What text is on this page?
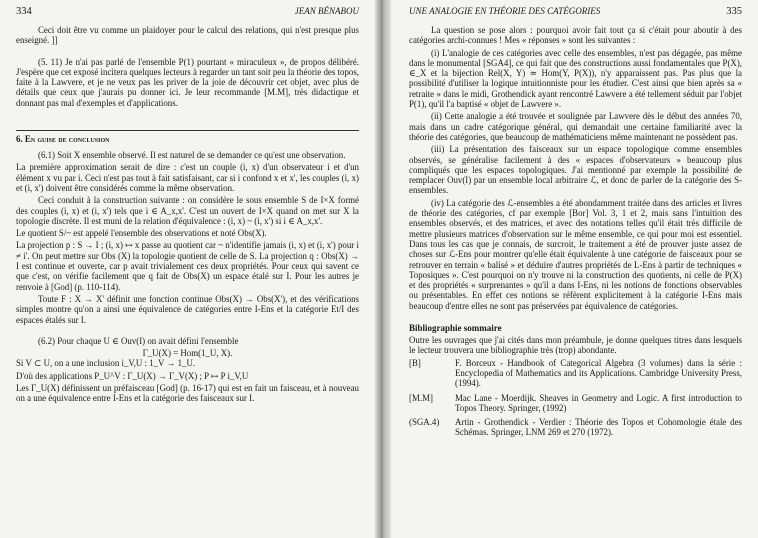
334	JEAN BÉNABOU

Ceci doit être vu comme un plaidoyer pour le calcul des relations, qui n'est presque plus enseigné. ]]

(5. 11) Je n'ai pas parlé de l'ensemble P(1) pourtant « miraculeux », de propos délibéré. J'espère que cet exposé incitera quelques lecteurs à regarder un tant soit peu la théorie des topos, faite à la Lawvere, et je ne veux pas les priver de la joie de découvrir cet objet, avec plus de détails que ceux que j'aurais pu donner ici. Je leur recommande [M.M], très didactique et donnant pas mal d'exemples et d'applications.

6. En guise de conclusion

(6.1) Soit X ensemble observé. Il est naturel de se demander ce qu'est une observation.

La première approximation serait de dire : c'est un couple (i, x) d'un observateur i et d'un élément x vu par i. Ceci n'est pas tout à fait satisfaisant, car si i confond x et x', les couples (i, x) et (i, x') doivent être considérés comme la même observation.

Ceci conduit à la construction suivante : on considère le sous ensemble S de I×X formé des couples (i, x) et (i, x') tels que i ∈ A_x,x'. C'est un ouvert de I×X quand on met sur X la topologie discrète. Il est muni de la relation d'équivalence : (i, x) ~ (i, x') si i ∈ A_x,x'.

Le quotient S/~ est appelé l'ensemble des observations et noté Obs(X).

La projection p : S → I ; (i, x) ↦ x passe au quotient car ~ n'identifie jamais (i, x) et (i, x') pour i ≠ i'. On peut mettre sur Obs (X) la topologie quotient de celle de S. La projection q : Obs(X) → I est continue et ouverte, car p avait trivialement ces deux propriétés. Pour ceux qui savent ce que c'est, on vérifie facilement que q fait de Obs(X) un espace étalé sur I. Pour les autres je renvoie à [God] (p. 110-114).

Toute F : X → X' définit une fonction continue Obs(X) → Obs(X'), et des vérifications simples montre qu'on a ainsi une équivalence de catégories entre I-Ens et la catégorie Et/I des espaces étalés sur I.

(6.2) Pour chaque U ∈ Ouv(I) on avait défini l'ensemble

Γ_U(X) = Hom(1_U, X).

Si V ⊂ U, on a une inclusion i_V,U : 1_V → 1_U.

D'où des applications P_U^V : Γ_U(X) → Γ_V(X) ; P ↦ P i_V,U

Les Γ_U(X) définissent un préfaisceau [God] (p. 16-17) qui est en fait un faisceau, et à nouveau on a une équivalence entre I-Ens et la catégorie des faisceaux sur I.

UNE ANALOGIE EN THÉORIE DES CATÉGORIES	335

La question se pose alors : pourquoi avoir fait tout ça si c'était pour aboutir à des catégories archi-connues ! Mes « réponses » sont les suivantes :

(i) L'analogie de ces catégories avec celle des ensembles, n'est pas dégagée, pas même dans le monumental [SGA4], ce qui fait que des constructions aussi fondamentales que P(X), ∈_X et la bijection Rel(X, Y) ≃ Hom(Y, P(X)), n'y apparaissent pas. Pas plus que la possibilité d'utiliser la logique intuitionniste pour les étudier. C'est ainsi que bien après sa « retraite » dans le midi, Grothendick ayant rencontré Lawvere a été tellement séduit par l'objet P(1), qu'il l'a baptisé « objet de Lawvere ».

(ii) Cette analogie a été trouvée et soulignée par Lawvere dès le début des années 70, mais dans un cadre catégorique général, qui demandait une certaine familiarité avec la théorie des catégories, que beaucoup de mathématiciens même maintenant ne possèdent pas.

(iii) La présentation des faisceaux sur un espace topologique comme ensembles observés, se généralise facilement à des « espaces d'observateurs » beaucoup plus compliqués que les espaces topologiques. J'ai mentionné par exemple la possibilité de remplacer Ouv(I) par un ensemble local arbitraire ℒ, et donc de parler de la catégorie des S-ensembles.

(iv) La catégorie des ℒ-ensembles a été abondamment traitée dans des articles et livres de théorie des catégories, cf par exemple [Bor] Vol. 3, 1 et 2, mais sans l'intuition des ensembles observés, et des matrices, et avec des notations telles qu'il était très difficile de mettre plusieurs matrices d'observation sur le même ensemble, ce qui pour moi est essentiel. Dans tous les cas que je connais, de surcroit, le traitement a été de prouver juste assez de choses sur ℒ-Ens pour montrer qu'elle était équivalente à une catégorie de faisceaux pour se retrouver en terrain « balisé » et déduire d'autres propriétés de L-Ens à partir de techniques « Toposiques ». C'est pourquoi on n'y trouve ni la construction des quotients, ni celle de P(X) et des propriétés « surprenantes » qu'il a dans I-Ens, ni les notions de fonctions observables ou présentables. En effet ces notions se réfèrent explicitement à la catégorie I-Ens mais beaucoup d'entre elles ne sont pas préservées par équivalence de catégories.

Bibliographie sommaire

Outre les ouvrages que j'ai cités dans mon préambule, je donne quelques titres dans lesquels le lecteur trouvera une bibliographie très (trop) abondante.

[B]	F. Borceux - Handbook of Categorical Algebra (3 volumes) dans la série : Encyclopedia of Mathematics and its Applications. Cambridge University Press, (1994).
[M.M]	Mac Lane - Moerdijk. Sheaves in Geometry and Logic. A first introduction to Topos Theory. Springer, (1992)
(SGA.4)	Artin - Grothendick - Verdier : Théorie des Topos et Cohomologie étale des Schémas. Springer, LNM 269 et 270 (1972).
